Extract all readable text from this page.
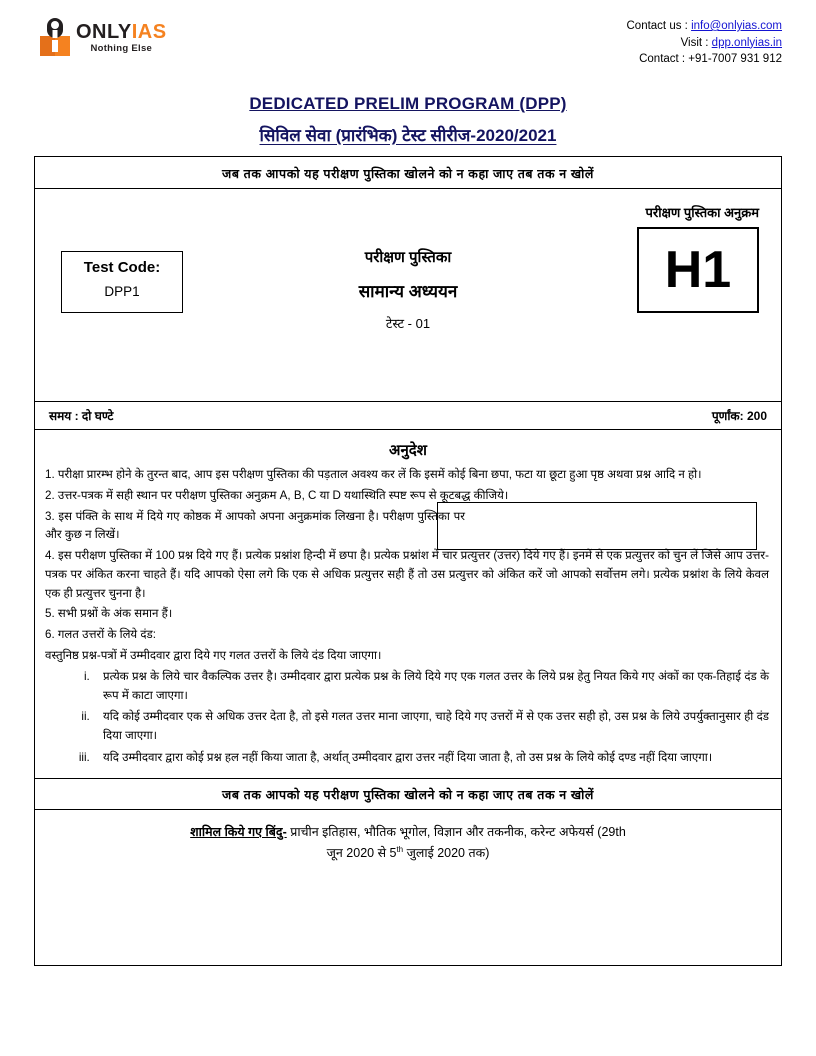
ONLYIAS
Nothing Else
Contact us : info@onlyias.com
Visit : dpp.onlyias.in
Contact : +91-7007 931 912
DEDICATED PRELIM PROGRAM (DPP)
सिविल सेवा (प्रारंभिक) टेस्ट सीरीज-2020/2021
जब तक आपको यह परीक्षण पुस्तिका खोलने को न कहा जाए तब तक न खोलें
परीक्षण पुस्तिका अनुक्रम
H1
Test Code:
DPP1
परीक्षण पुस्तिका
सामान्य अध्ययन
टेस्ट - 01
समय : दो घण्टे	पूर्णांक: 200
अनुदेश

1. परीक्षा प्रारम्भ होने के तुरन्त बाद, आप इस परीक्षण पुस्तिका की पड़ताल अवश्य कर लें कि इसमें कोई बिना छपा, फटा या छूटा हुआ पृष्ठ अथवा प्रश्न आदि न हो।

2. उत्तर-पत्रक में सही स्थान पर परीक्षण पुस्तिका अनुक्रम A, B, C या D यथास्थिति स्पष्ट रूप से कूटबद्ध कीजिये।

3. इस पंक्ति के साथ में दिये गए कोष्ठक में आपको अपना अनुक्रमांक लिखना है। परीक्षण पुस्तिका पर और कुछ न लिखें।

4. इस परीक्षण पुस्तिका में 100 प्रश्न दिये गए हैं। प्रत्येक प्रश्नांश हिन्दी में छपा है। प्रत्येक प्रश्नांश में चार प्रत्युत्तर (उत्तर) दिये गए हैं। इनमें से एक प्रत्युत्तर को चुन लें जिसे आप उत्तर-पत्रक पर अंकित करना चाहते हैं। यदि आपको ऐसा लगे कि एक से अधिक प्रत्युत्तर सही हैं तो उस प्रत्युत्तर को अंकित करें जो आपको सर्वोत्तम लगे। प्रत्येक प्रश्नांश के लिये केवल एक ही प्रत्युत्तर चुनना है।

5. सभी प्रश्नों के अंक समान हैं।

6. गलत उत्तरों के लिये दंड:

वस्तुनिष्ठ प्रश्न-पत्रों में उम्मीदवार द्वारा दिये गए गलत उत्तरों के लिये दंड दिया जाएगा।

i. प्रत्येक प्रश्न के लिये चार वैकल्पिक उत्तर है। उम्मीदवार द्वारा प्रत्येक प्रश्न के लिये दिये गए एक गलत उत्तर के लिये प्रश्न हेतु नियत किये गए अंकों का एक-तिहाई दंड के रूप में काटा जाएगा।
ii. यदि कोई उम्मीदवार एक से अधिक उत्तर देता है, तो इसे गलत उत्तर माना जाएगा, चाहे दिये गए उत्तरों में से एक उत्तर सही हो, उस प्रश्न के लिये उपर्युक्तानुसार ही दंड दिया जाएगा।
iii. यदि उम्मीदवार द्वारा कोई प्रश्न हल नहीं किया जाता है, अर्थात् उम्मीदवार द्वारा उत्तर नहीं दिया जाता है, तो उस प्रश्न के लिये कोई दण्ड नहीं दिया जाएगा।
जब तक आपको यह परीक्षण पुस्तिका खोलने को न कहा जाए तब तक न खोलें
शामिल किये गए बिंदु- प्राचीन इतिहास, भौतिक भूगोल, विज्ञान और तकनीक, करेन्ट अफेयर्स (29th
जून 2020 से 5th जुलाई 2020 तक)
